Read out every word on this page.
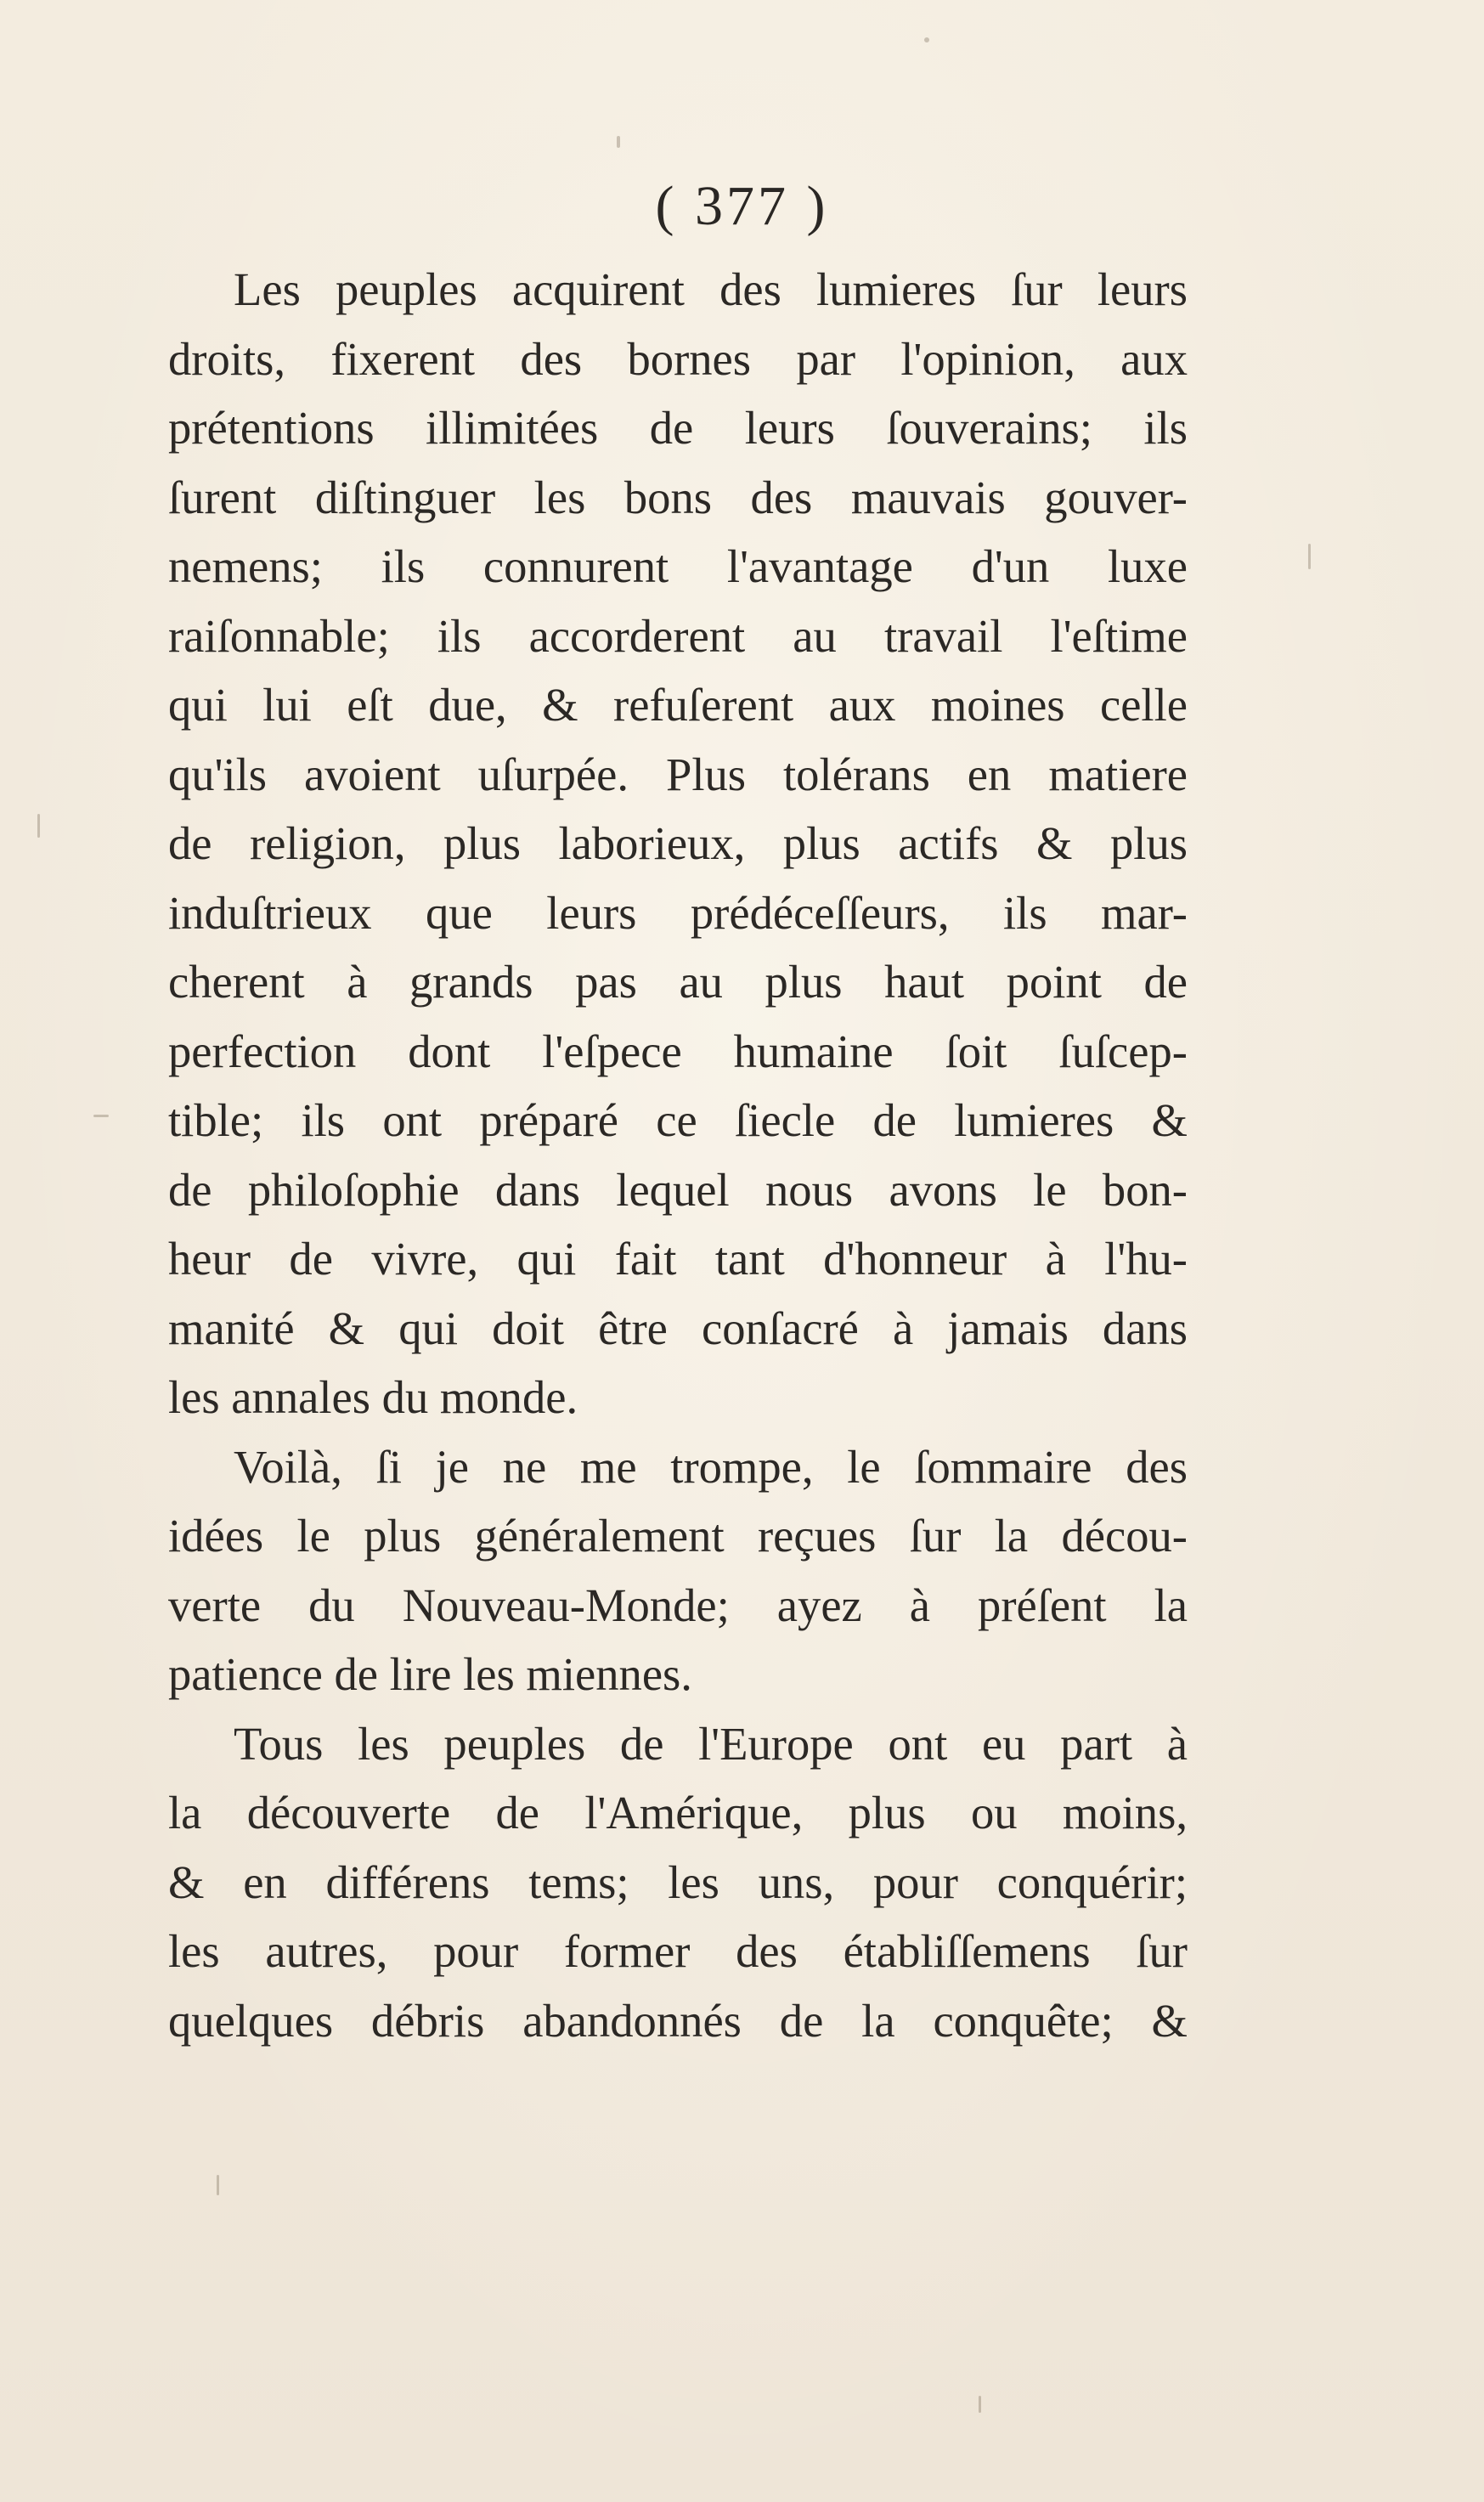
( 377 )
Les peuples acquirent des lumieres ſur leurs
droits, fixerent des bornes par l'opinion, aux
prétentions illimitées de leurs ſouverains; ils
ſurent diſtinguer les bons des mauvais gouver-
nemens; ils connurent l'avantage d'un luxe
raiſonnable; ils accorderent au travail l'eſtime
qui lui eſt due, & refuſerent aux moines celle
qu'ils avoient uſurpée. Plus tolérans en matiere
de religion, plus laborieux, plus actifs & plus
induſtrieux que leurs prédéceſſeurs, ils mar-
cherent à grands pas au plus haut point de
perfection dont l'eſpece humaine ſoit ſuſcep-
tible; ils ont préparé ce ſiecle de lumieres &
de philoſophie dans lequel nous avons le bon-
heur de vivre, qui fait tant d'honneur à l'hu-
manité & qui doit être conſacré à jamais dans
les annales du monde.
Voilà, ſi je ne me trompe, le ſommaire des
idées le plus généralement reçues ſur la décou-
verte du Nouveau-Monde; ayez à préſent la
patience de lire les miennes.
Tous les peuples de l'Europe ont eu part à
la découverte de l'Amérique, plus ou moins,
& en différens tems; les uns, pour conquérir;
les autres, pour former des établiſſemens ſur
quelques débris abandonnés de la conquête; &
